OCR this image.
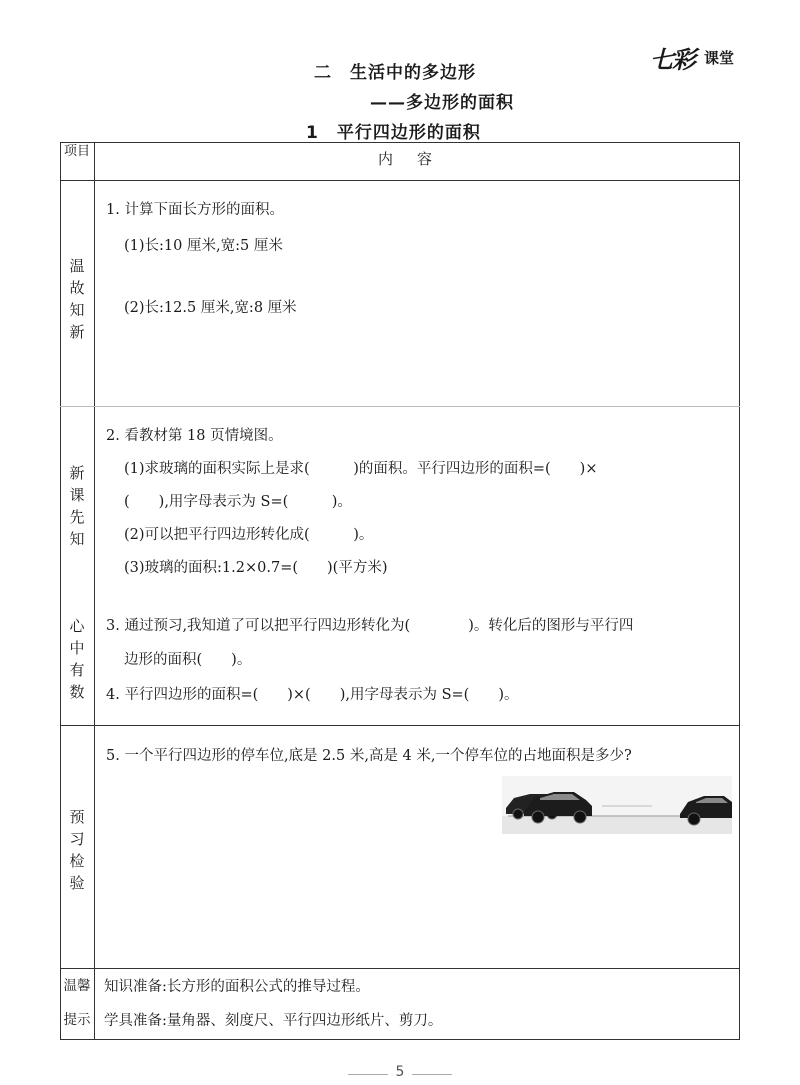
七彩 课堂
二　生活中的多边形
——多边形的面积
1　平行四边形的面积
项目	内容
温故知新
新课先知
心中有数
预习检验
1. 计算下面长方形的面积。
(1)长:10 厘米,宽:5 厘米
(2)长:12.5 厘米,宽:8 厘米
2. 看教材第 18 页情境图。
(1)求玻璃的面积实际上是求(　　　)的面积。平行四边形的面积=(　　)×
(　　),用字母表示为 S=(　　　)。
(2)可以把平行四边形转化成(　　　)。
(3)玻璃的面积:1.2×0.7=(　　)(平方米)
3. 通过预习,我知道了可以把平行四边形转化为(　　　　)。转化后的图形与平行四
边形的面积(　　)。
4. 平行四边形的面积=(　　)×(　　),用字母表示为 S=(　　)。
5. 一个平行四边形的停车位,底是 2.5 米,高是 4 米,一个停车位的占地面积是多少?
温馨
提示
知识准备:长方形的面积公式的推导过程。
学具准备:量角器、刻度尺、平行四边形纸片、剪刀。
5
